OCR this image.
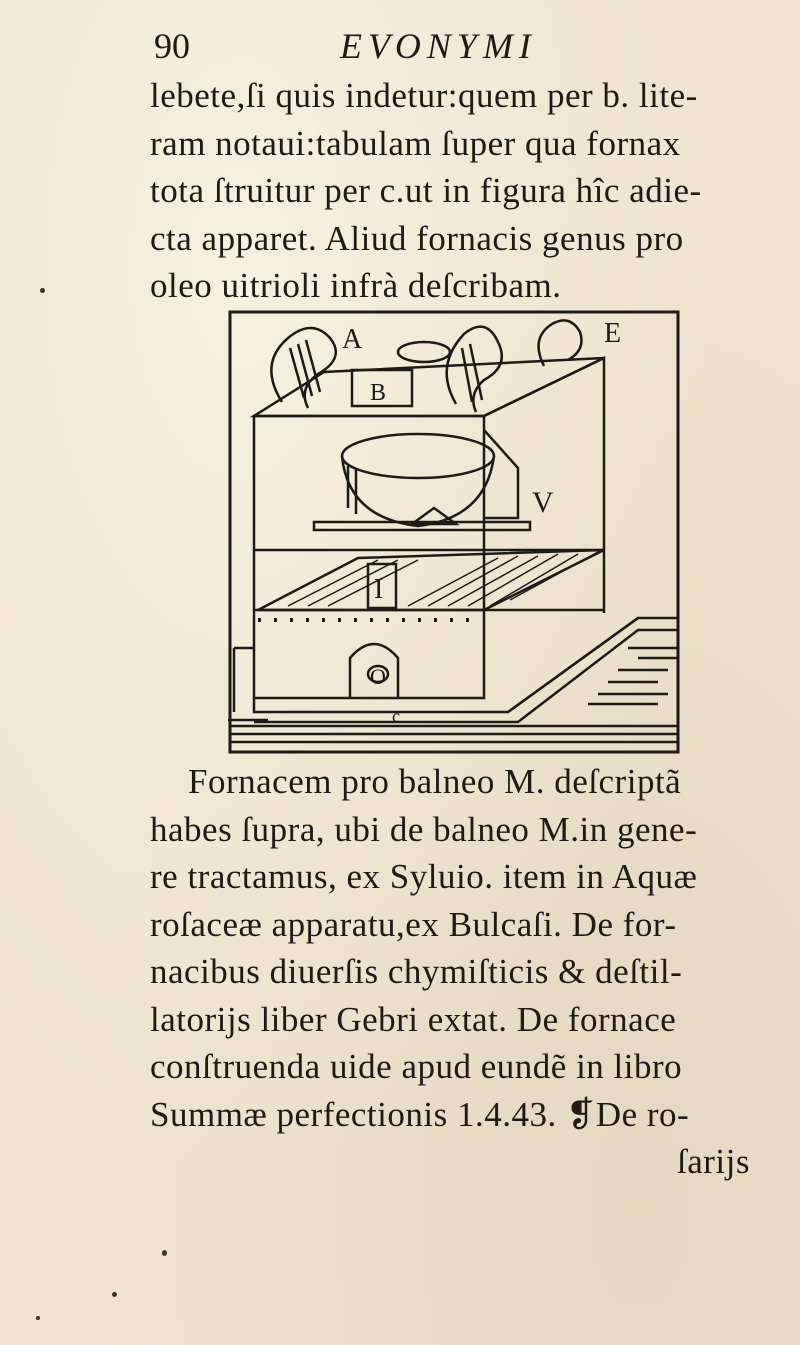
90	EVONYMI
lebete,ſi quis indetur:quem per b. lite-
ram notaui:tabulam ſuper qua fornax
tota ſtruitur per c.ut in figura hîc adie-
cta apparet. Aliud fornacis genus pro
oleo uitrioli infrà deſcribam.
A
B
E
V
I
O
c
Fornacem pro balneo M. deſcriptã
habes ſupra, ubi de balneo M.in gene-
re tractamus, ex Syluio. item in Aquæ
roſaceæ apparatu,ex Bulcaſi. De for-
nacibus diuerſis chymiſticis & deſtil-
latorijs liber Gebri extat. De fornace
conſtruenda uide apud eundẽ in libro
Summæ perfectionis 1.4.43. ❡De ro-
ſarijs
